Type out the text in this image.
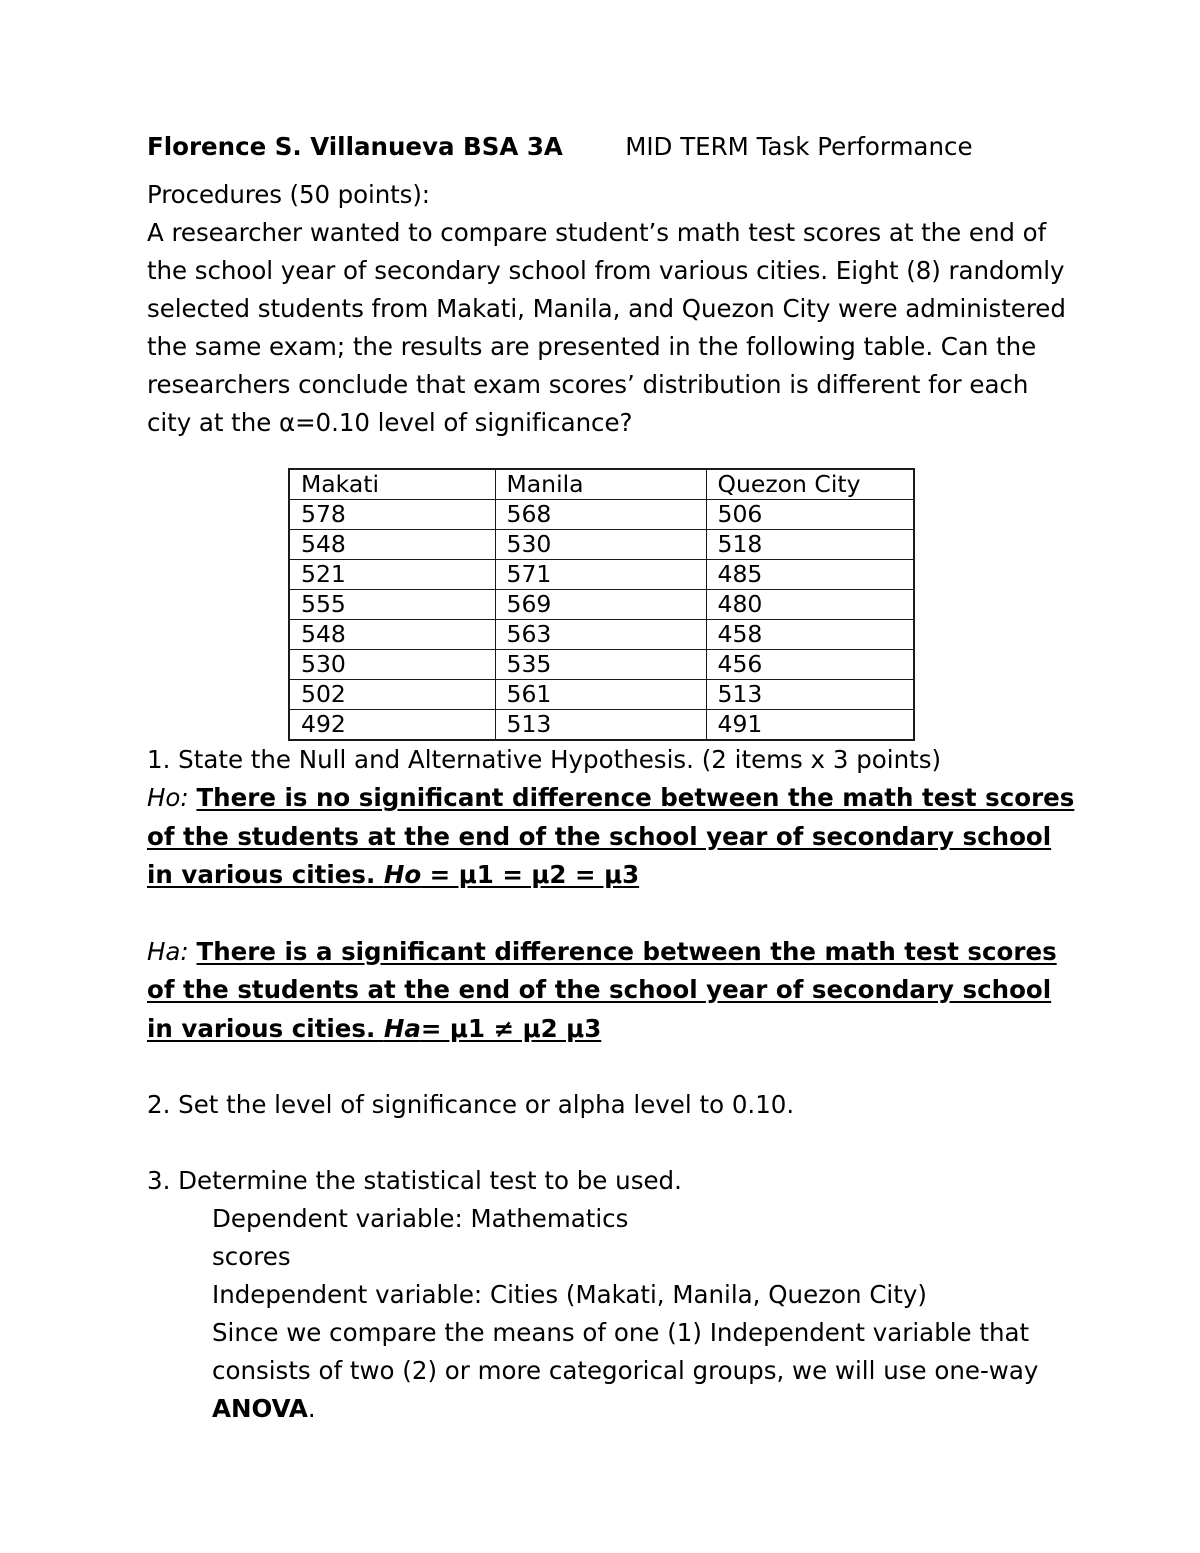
Florence S. Villanueva BSA 3A	MID TERM Task Performance
Procedures (50 points):
A researcher wanted to compare student’s math test scores at the end of the school year of secondary school from various cities. Eight (8) randomly selected students from Makati, Manila, and Quezon City were administered the same exam; the results are presented in the following table. Can the researchers conclude that exam scores’ distribution is different for each city at the α=0.10 level of significance?
Makati	Manila	Quezon City
578	568	506
548	530	518
521	571	485
555	569	480
548	563	458
530	535	456
502	561	513
492	513	491
1. State the Null and Alternative Hypothesis. (2 items x 3 points)
Ho: There is no significant difference between the math test scores of the students at the end of the school year of secondary school in various cities. Ho = μ1 = μ2 = μ3
Ha: There is a significant difference between the math test scores of the students at the end of the school year of secondary school in various cities. Ha= μ1 ≠ μ2 μ3
2. Set the level of significance or alpha level to 0.10.
3. Determine the statistical test to be used.
Dependent variable: Mathematics
scores
Independent variable: Cities (Makati, Manila, Quezon City)
Since we compare the means of one (1) Independent variable that consists of two (2) or more categorical groups, we will use one-way ANOVA.
